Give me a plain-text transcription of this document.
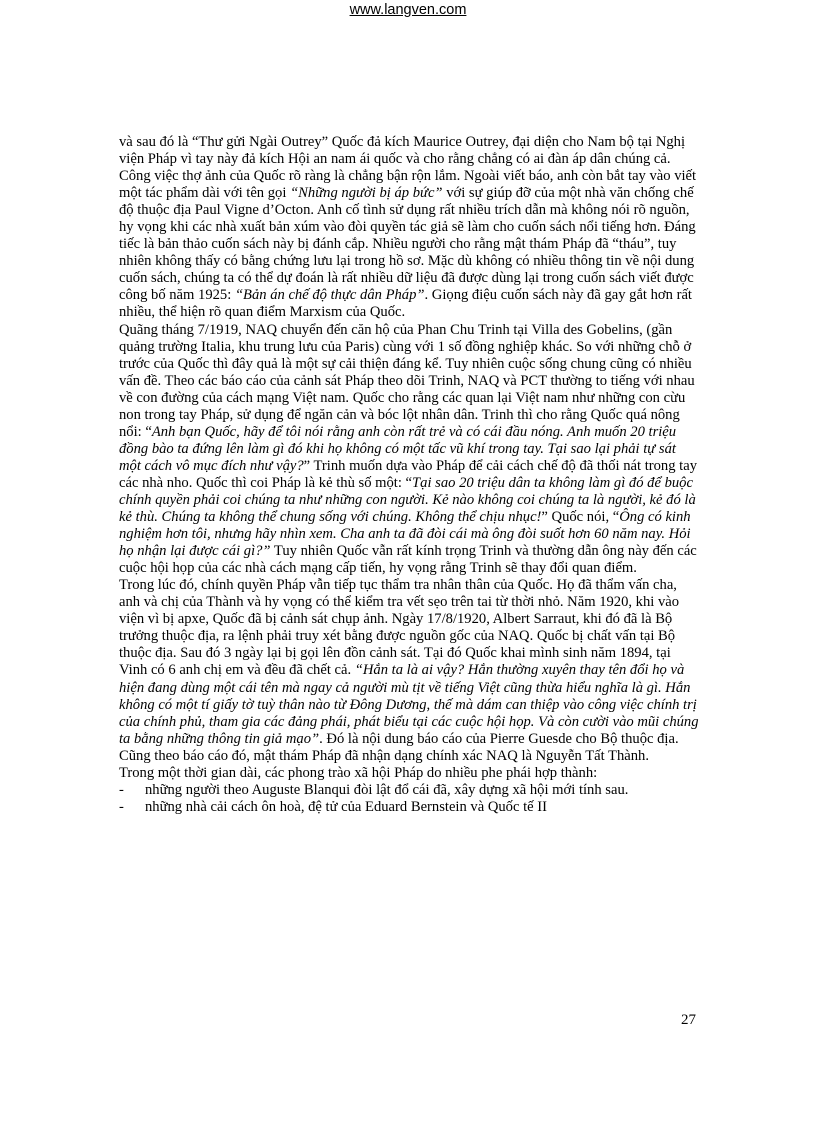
www.langven.com

và sau đó là “Thư gửi Ngài Outrey” Quốc đả kích Maurice Outrey, đại diện cho Nam bộ tại Nghị viện Pháp vì tay này đả kích Hội an nam ái quốc và cho rằng chẳng có ai đàn áp dân chúng cả.

Công việc thợ ảnh của Quốc rõ ràng là chẳng bận rộn lắm. Ngoài viết báo, anh còn bắt tay vào viết một tác phẩm dài với tên gọi “Những người bị áp bức” với sự giúp đỡ của một nhà văn chống chế độ thuộc địa Paul Vigne d’Octon. Anh cố tình sử dụng rất nhiều trích dẫn mà không nói rõ nguồn, hy vọng khi các nhà xuất bản xúm vào đòi quyền tác giả sẽ làm cho cuốn sách nổi tiếng hơn. Đáng tiếc là bản thảo cuốn sách này bị đánh cắp. Nhiều người cho rằng mật thám Pháp đã “tháu”, tuy nhiên không thấy có bằng chứng lưu lại trong hồ sơ. Mặc dù không có nhiều thông tin về nội dung cuốn sách, chúng ta có thể dự đoán là rất nhiều dữ liệu đã được dùng lại trong cuốn sách viết được công bố năm 1925: “Bản án chế độ thực dân Pháp”. Giọng điệu cuốn sách này đã gay gắt hơn rất nhiều, thể hiện rõ quan điểm Marxism của Quốc.

Quãng tháng 7/1919, NAQ chuyển đến căn hộ của Phan Chu Trinh tại Villa des Gobelins, (gần quảng trường Italia, khu trung lưu của Paris) cùng với 1 số đồng nghiệp khác. So với những chỗ ở trước của Quốc thì đây quả là một sự cải thiện đáng kể. Tuy nhiên cuộc sống chung cũng có nhiều vấn đề. Theo các báo cáo của cảnh sát Pháp theo dõi Trinh, NAQ và PCT thường to tiếng với nhau về con đường của cách mạng Việt nam. Quốc cho rằng các quan lại Việt nam như những con cừu non trong tay Pháp, sử dụng để ngăn cản và bóc lột nhân dân. Trinh thì cho rằng Quốc quá nông nổi: “Anh bạn Quốc, hãy để tôi nói rằng anh còn rất trẻ và có cái đầu nóng. Anh muốn 20 triệu đồng bào ta đứng lên làm gì đó khi họ không có một tấc vũ khí trong tay. Tại sao lại phải tự sát một cách vô mục đích như vậy?” Trinh muốn dựa vào Pháp để cải cách chế độ đã thối nát trong tay các nhà nho. Quốc thì coi Pháp là kẻ thù số một: “Tại sao 20 triệu dân ta không làm gì đó để buộc chính quyền phải coi chúng ta như những con người. Kẻ nào không coi chúng ta là người, kẻ đó là kẻ thù. Chúng ta không thể chung sống với chúng. Không thể chịu nhục!” Quốc nói, “Ông có kinh nghiệm hơn tôi, nhưng hãy nhìn xem. Cha anh ta đã đòi cái mà ông đòi suốt hơn 60 năm nay. Hỏi họ nhận lại được cái gì?” Tuy nhiên Quốc vẫn rất kính trọng Trinh và thường dẫn ông này đến các cuộc hội họp của các nhà cách mạng cấp tiến, hy vọng rằng Trinh sẽ thay đổi quan điểm.

Trong lúc đó, chính quyền Pháp vẫn tiếp tục thẩm tra nhân thân của Quốc. Họ đã thẩm vấn cha, anh và chị của Thành và hy vọng có thể kiểm tra vết sẹo trên tai từ thời nhỏ. Năm 1920, khi vào viện vì bị apxe, Quốc đã bị cảnh sát chụp ảnh. Ngày 17/8/1920, Albert Sarraut, khi đó đã là Bộ trưởng thuộc địa, ra lệnh phải truy xét bằng được nguồn gốc của NAQ. Quốc bị chất vấn tại Bộ thuộc địa. Sau đó 3 ngày lại bị gọi lên đồn cảnh sát. Tại đó Quốc khai mình sinh năm 1894, tại Vinh có 6 anh chị em và đều đã chết cả. “Hắn ta là ai vậy? Hắn thường xuyên thay tên đổi họ và hiện đang dùng một cái tên mà ngay cả người mù tịt về tiếng Việt cũng thừa hiểu nghĩa là gì. Hắn không có một tí giấy tờ tuỳ thân nào từ Đông Dương, thế mà dám can thiệp vào công việc chính trị của chính phủ, tham gia các đảng phái, phát biểu tại các cuộc hội họp. Và còn cười vào mũi chúng ta bằng những thông tin giả mạo”. Đó là nội dung báo cáo của Pierre Guesde cho Bộ thuộc địa. Cũng theo báo cáo đó, mật thám Pháp đã nhận dạng chính xác NAQ là Nguyễn Tất Thành.

Trong một thời gian dài, các phong trào xã hội Pháp do nhiều phe phái hợp thành:

-	những người theo Auguste Blanqui đòi lật đổ cái đã, xây dựng xã hội mới tính sau.
-	những nhà cải cách ôn hoà, đệ tử của Eduard Bernstein và Quốc tế II
27
